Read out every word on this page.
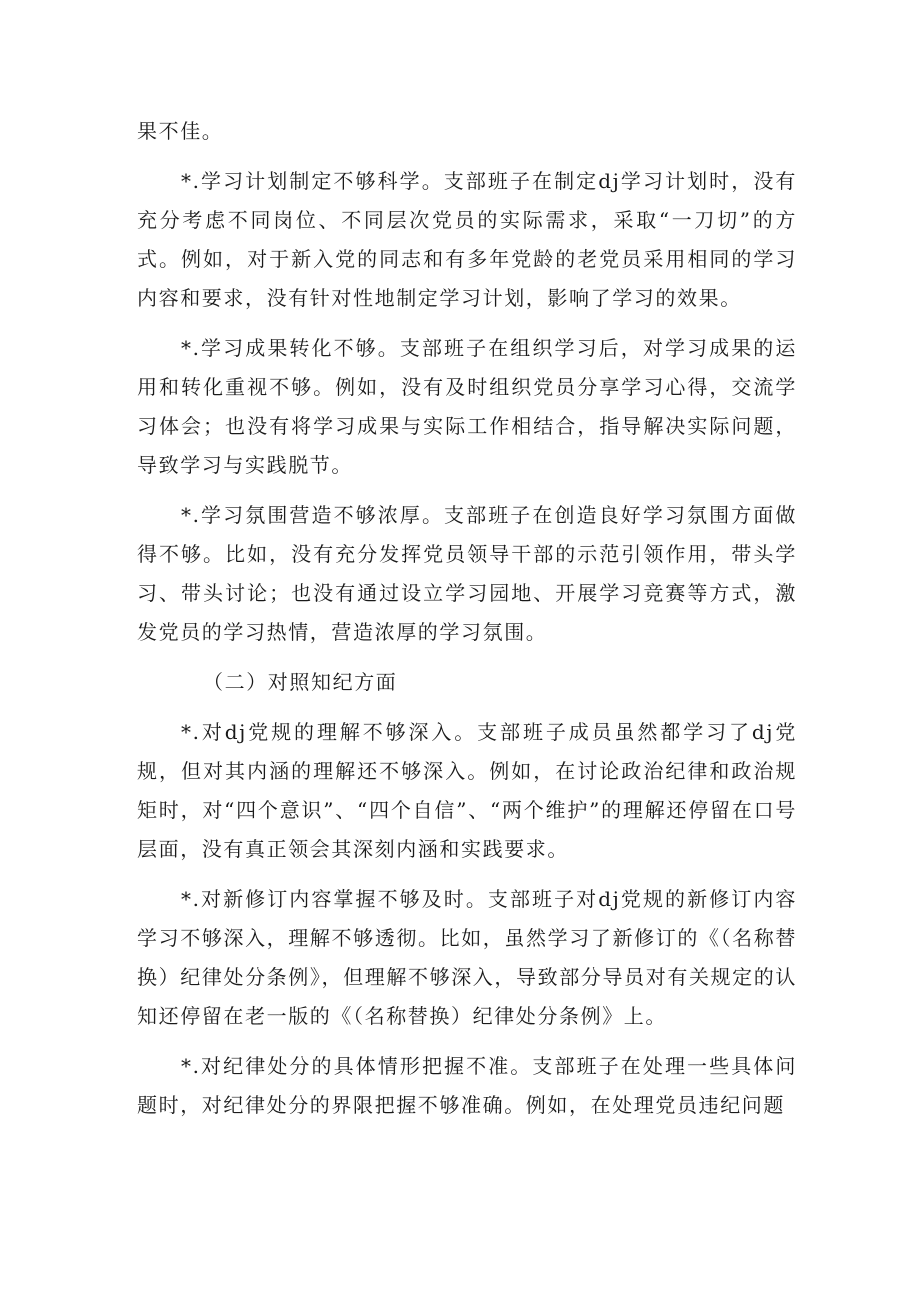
果不佳。

*.学习计划制定不够科学。支部班子在制定dj学习计划时，没有充分考虑不同岗位、不同层次党员的实际需求，采取“一刀切”的方式。例如，对于新入党的同志和有多年党龄的老党员采用相同的学习内容和要求，没有针对性地制定学习计划，影响了学习的效果。

*.学习成果转化不够。支部班子在组织学习后，对学习成果的运用和转化重视不够。例如，没有及时组织党员分享学习心得，交流学习体会；也没有将学习成果与实际工作相结合，指导解决实际问题，导致学习与实践脱节。

*.学习氛围营造不够浓厚。支部班子在创造良好学习氛围方面做得不够。比如，没有充分发挥党员领导干部的示范引领作用，带头学习、带头讨论；也没有通过设立学习园地、开展学习竞赛等方式，激发党员的学习热情，营造浓厚的学习氛围。

（二）对照知纪方面

*.对dj党规的理解不够深入。支部班子成员虽然都学习了dj党规，但对其内涵的理解还不够深入。例如，在讨论政治纪律和政治规矩时，对“四个意识”、“四个自信”、“两个维护”的理解还停留在口号层面，没有真正领会其深刻内涵和实践要求。

*.对新修订内容掌握不够及时。支部班子对dj党规的新修订内容学习不够深入，理解不够透彻。比如，虽然学习了新修订的《（名称替换）纪律处分条例》，但理解不够深入，导致部分导员对有关规定的认知还停留在老一版的《（名称替换）纪律处分条例》上。

*.对纪律处分的具体情形把握不准。支部班子在处理一些具体问题时，对纪律处分的界限把握不够准确。例如，在处理党员违纪问题
